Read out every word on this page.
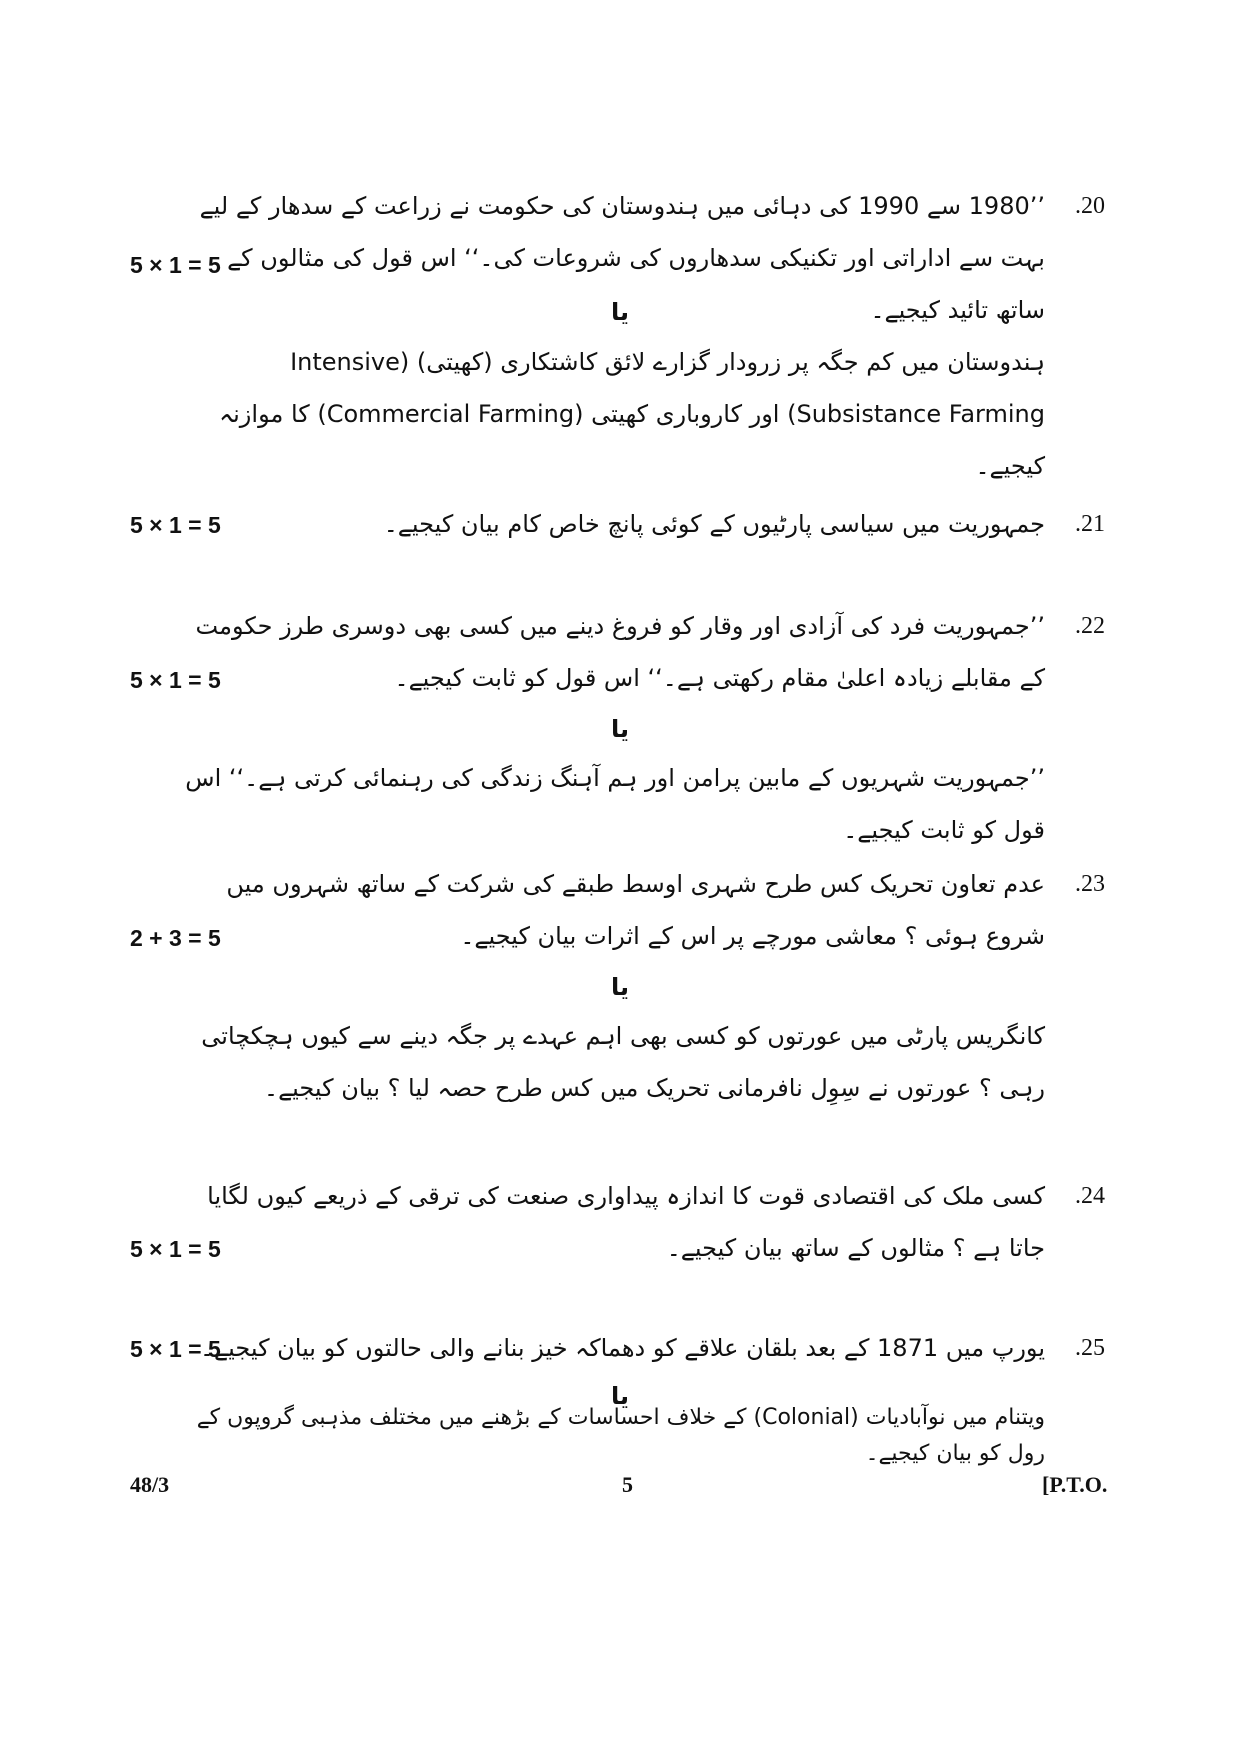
20.
’’1980 سے 1990 کی دہائی میں ہندوستان کی حکومت نے زراعت کے سدھار کے لیے بہت سے اداراتی اور تکنیکی سدھاروں کی شروعات کی۔‘‘ اس قول کی مثالوں کے ساتھ تائید کیجیے۔
5 × 1 = 5
یا
ہندوستان میں کم جگہ پر زرودار گزارے لائق کاشتکاری (کھیتی) (Intensive Subsistance Farming) اور کاروباری کھیتی (Commercial Farming) کا موازنہ کیجیے۔
21.
جمہوریت میں سیاسی پارٹیوں کے کوئی پانچ خاص کام بیان کیجیے۔
5 × 1 = 5
22.
’’جمہوریت فرد کی آزادی اور وقار کو فروغ دینے میں کسی بھی دوسری طرز حکومت کے مقابلے زیادہ اعلیٰ مقام رکھتی ہے۔‘‘ اس قول کو ثابت کیجیے۔
5 × 1 = 5
یا
’’جمہوریت شہریوں کے مابین پرامن اور ہم آہنگ زندگی کی رہنمائی کرتی ہے۔‘‘ اس قول کو ثابت کیجیے۔
23.
عدم تعاون تحریک کس طرح شہری اوسط طبقے کی شرکت کے ساتھ شہروں میں شروع ہوئی ؟ معاشی مورچے پر اس کے اثرات بیان کیجیے۔
2 + 3 = 5
یا
کانگریس پارٹی میں عورتوں کو کسی بھی اہم عہدے پر جگہ دینے سے کیوں ہچکچاتی رہی ؟ عورتوں نے سِوِل نافرمانی تحریک میں کس طرح حصہ لیا ؟ بیان کیجیے۔
24.
کسی ملک کی اقتصادی قوت کا اندازہ پیداواری صنعت کی ترقی کے ذریعے کیوں لگایا جاتا ہے ؟ مثالوں کے ساتھ بیان کیجیے۔
5 × 1 = 5
25.
یورپ میں 1871 کے بعد بلقان علاقے کو دھماکہ خیز بنانے والی حالتوں کو بیان کیجیے۔
5 × 1 = 5
یا
48/3	5	[P.T.O.
ویتنام میں نوآبادیات (Colonial) کے خلاف احساسات کے بڑھنے میں مختلف مذہبی گروپوں کے رول کو بیان کیجیے۔
